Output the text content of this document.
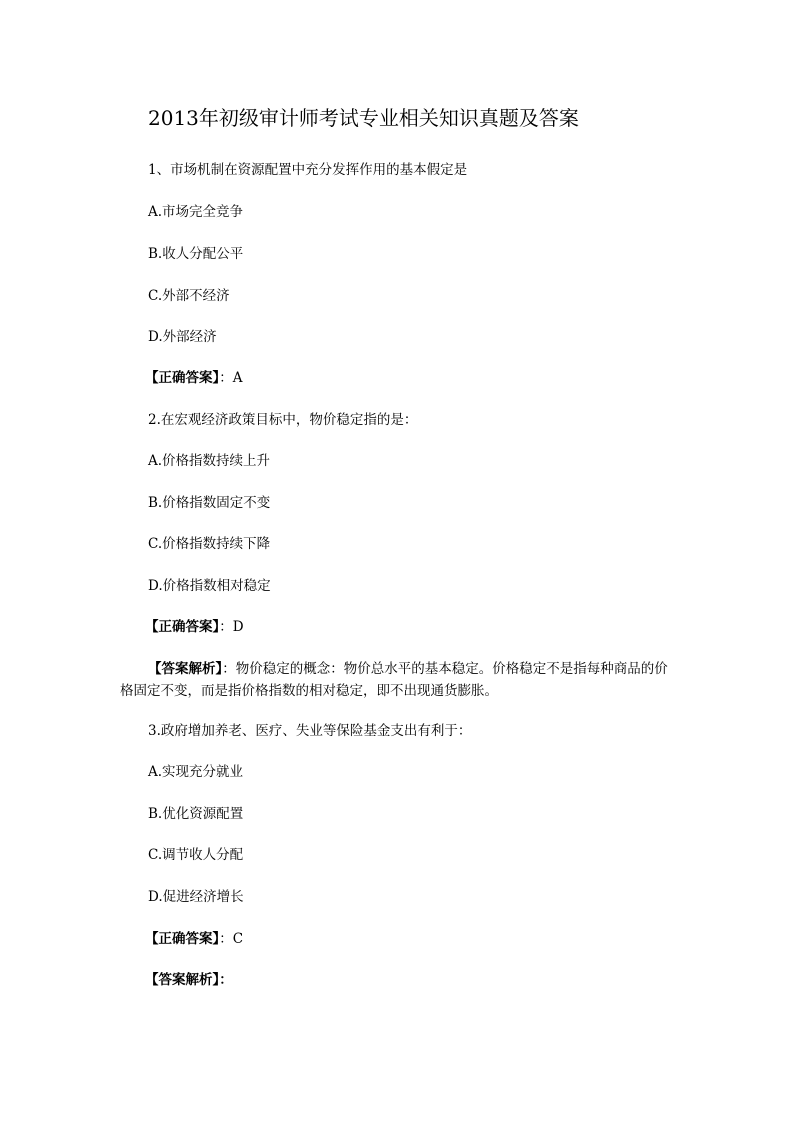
2013年初级审计师考试专业相关知识真题及答案
1、市场机制在资源配置中充分发挥作用的基本假定是
A.市场完全竞争
B.收人分配公平
C.外部不经济
D.外部经济
【正确答案】：A
2.在宏观经济政策目标中，物价稳定指的是：
A.价格指数持续上升
B.价格指数固定不变
C.价格指数持续下降
D.价格指数相对稳定
【正确答案】：D
【答案解析】：物价稳定的概念：物价总水平的基本稳定。价格稳定不是指每种商品的价格固定不变，而是指价格指数的相对稳定，即不出现通货膨胀。
3.政府增加养老、医疗、失业等保险基金支出有利于：
A.实现充分就业
B.优化资源配置
C.调节收人分配
D.促进经济增长
【正确答案】：C
【答案解析】：
